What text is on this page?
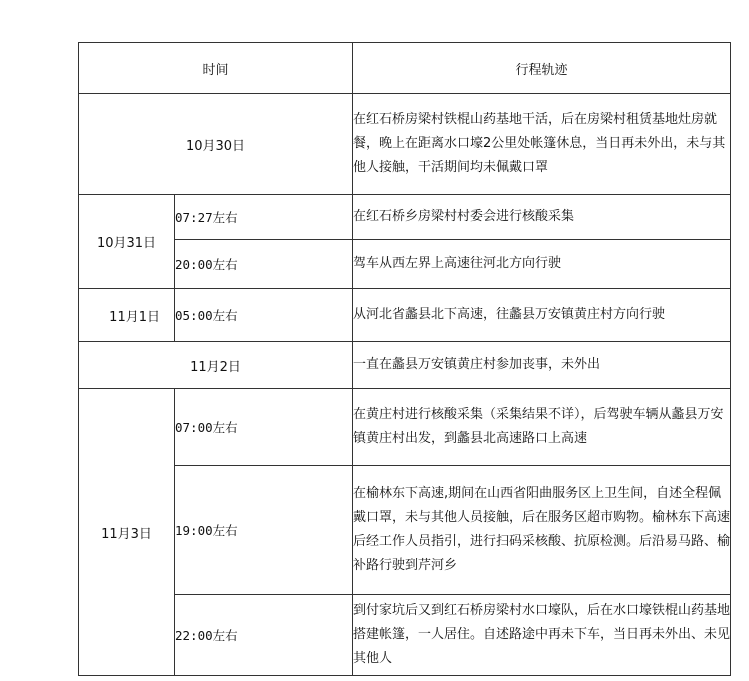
时间		行程轨迹
10月30日		在红石桥房梁村铁棍山药基地干活，后在房梁村租赁基地灶房就餐，晚上在距离水口壕2公里处帐篷休息，当日再未外出，未与其他人接触，干活期间均未佩戴口罩
10月31日	07:27左右	在红石桥乡房梁村村委会进行核酸采集
	20:00左右	驾车从西左界上高速往河北方向行驶
11月1日	05:00左右	从河北省蠡县北下高速，往蠡县万安镇黄庄村方向行驶
11月2日		一直在蠡县万安镇黄庄村参加丧事，未外出
11月3日	07:00左右	在黄庄村进行核酸采集（采集结果不详），后驾驶车辆从蠡县万安镇黄庄村出发，到蠡县北高速路口上高速
	19:00左右	在榆林东下高速,期间在山西省阳曲服务区上卫生间，自述全程佩戴口罩，未与其他人员接触，后在服务区超市购物。榆林东下高速后经工作人员指引，进行扫码采核酸、抗原检测。后沿易马路、榆补路行驶到芹河乡
	22:00左右	到付家坑后又到红石桥房梁村水口壕队，后在水口壕铁棍山药基地搭建帐篷，一人居住。自述路途中再未下车，当日再未外出、未见其他人
